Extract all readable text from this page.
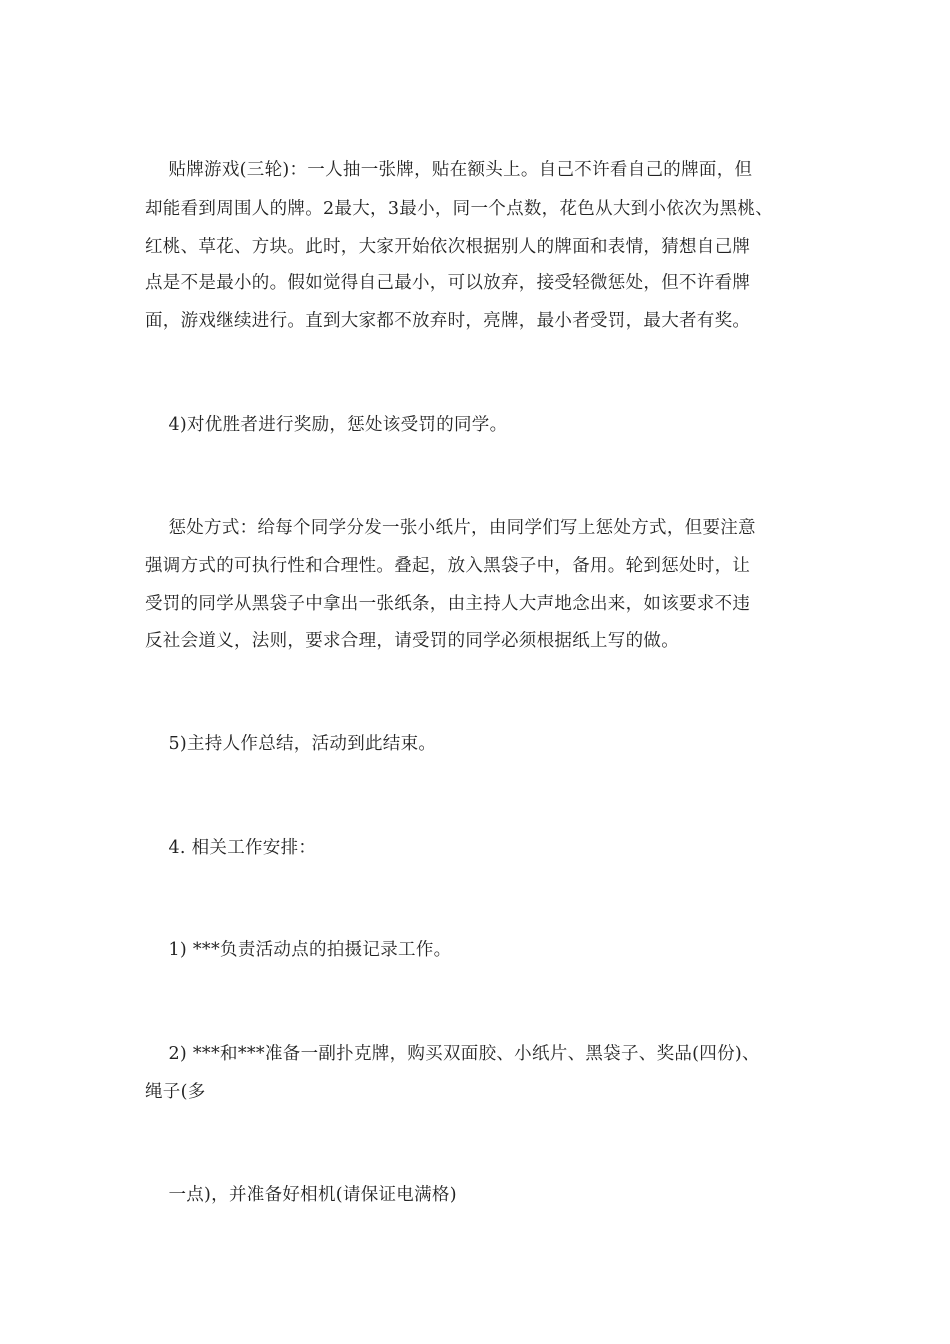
贴牌游戏(三轮)：一人抽一张牌，贴在额头上。自己不许看自己的牌面，但
却能看到周围人的牌。2最大，3最小，同一个点数，花色从大到小依次为黑桃、
红桃、草花、方块。此时，大家开始依次根据别人的牌面和表情，猜想自己牌
点是不是最小的。假如觉得自己最小，可以放弃，接受轻微惩处，但不许看牌
面，游戏继续进行。直到大家都不放弃时，亮牌，最小者受罚，最大者有奖。
4)对优胜者进行奖励，惩处该受罚的同学。
惩处方式：给每个同学分发一张小纸片，由同学们写上惩处方式，但要注意
强调方式的可执行性和合理性。叠起，放入黑袋子中，备用。轮到惩处时，让
受罚的同学从黑袋子中拿出一张纸条，由主持人大声地念出来，如该要求不违
反社会道义，法则，要求合理，请受罚的同学必须根据纸上写的做。
5)主持人作总结，活动到此结束。
4. 相关工作安排：
1) ***负责活动点的拍摄记录工作。
2) ***和***准备一副扑克牌，购买双面胶、小纸片、黑袋子、奖品(四份)、
绳子(多
一点)，并准备好相机(请保证电满格)
